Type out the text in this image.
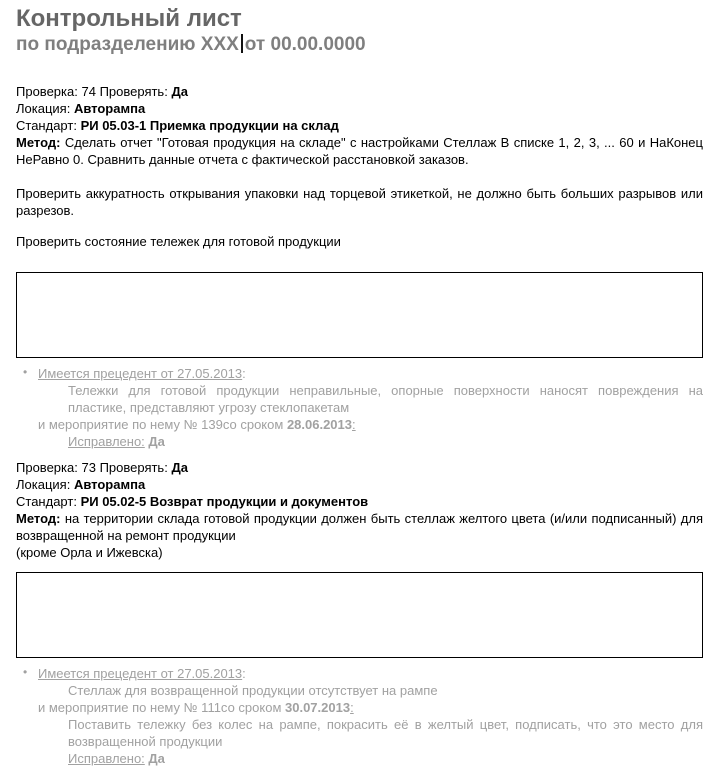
Контрольный лист
по подразделению XXX от 00.00.0000
Проверка: 74 Проверять: Да
Локация: Авторампа
Стандарт: РИ 05.03-1 Приемка продукции на склад
Метод: Сделать отчет "Готовая продукция на складе" с настройками Стеллаж В списке 1, 2, 3, ... 60 и НаКонец НеРавно 0. Сравнить данные отчета с фактической расстановкой заказов.
Проверить аккуратность открывания упаковки над торцевой этикеткой, не должно быть больших разрывов или разрезов.
Проверить состояние тележек для готовой продукции
• Имеется прецедент от 27.05.2013:
Тележки для готовой продукции неправильные, опорные поверхности наносят повреждения на пластике, представляют угрозу стеклопакетам
и мероприятие по нему № 139со сроком 28.06.2013:
Исправлено: Да
Проверка: 73 Проверять: Да
Локация: Авторампа
Стандарт: РИ 05.02-5 Возврат продукции и документов
Метод: на территории склада готовой продукции должен быть стеллаж желтого цвета (и/или подписанный) для возвращенной на ремонт продукции
(кроме Орла и Ижевска)
• Имеется прецедент от 27.05.2013:
Стеллаж для возвращенной продукции отсутствует на рампе
и мероприятие по нему № 111со сроком 30.07.2013:
Поставить тележку без колес на рампе, покрасить её в желтый цвет, подписать, что это место для возвращенной продукции
Исправлено: Да
